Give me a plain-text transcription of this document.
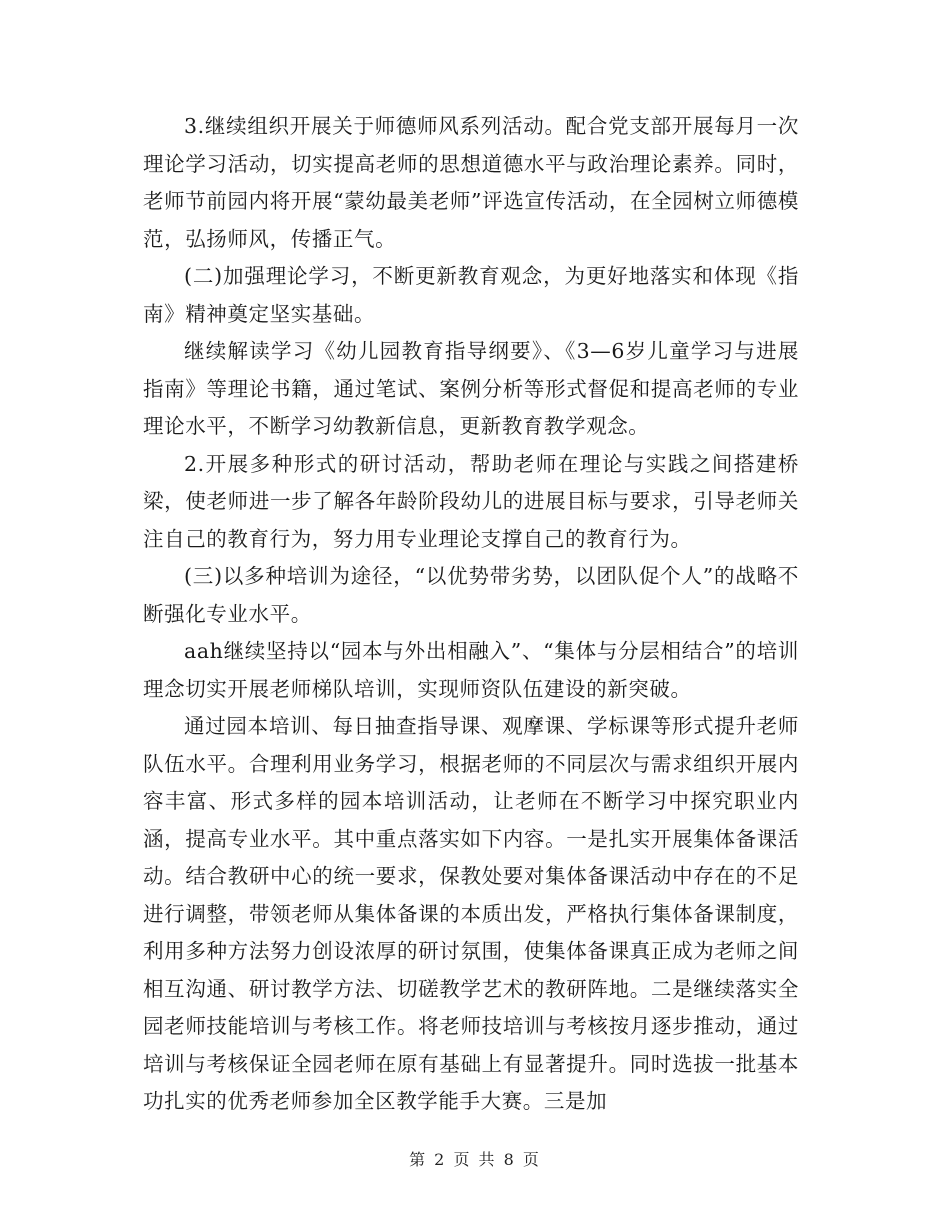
3.继续组织开展关于师德师风系列活动。配合党支部开展每月一次理论学习活动，切实提高老师的思想道德水平与政治理论素养。同时，老师节前园内将开展“蒙幼最美老师”评选宣传活动，在全园树立师德模范，弘扬师风，传播正气。

(二)加强理论学习，不断更新教育观念，为更好地落实和体现《指南》精神奠定坚实基础。

继续解读学习《幼儿园教育指导纲要》、《3—6岁儿童学习与进展指南》等理论书籍，通过笔试、案例分析等形式督促和提高老师的专业理论水平，不断学习幼教新信息，更新教育教学观念。

2.开展多种形式的研讨活动，帮助老师在理论与实践之间搭建桥梁，使老师进一步了解各年龄阶段幼儿的进展目标与要求，引导老师关注自己的教育行为，努力用专业理论支撑自己的教育行为。

(三)以多种培训为途径，“以优势带劣势，以团队促个人”的战略不断强化专业水平。

aah继续坚持以“园本与外出相融入”、“集体与分层相结合”的培训理念切实开展老师梯队培训，实现师资队伍建设的新突破。

通过园本培训、每日抽查指导课、观摩课、学标课等形式提升老师队伍水平。合理利用业务学习，根据老师的不同层次与需求组织开展内容丰富、形式多样的园本培训活动，让老师在不断学习中探究职业内涵，提高专业水平。其中重点落实如下内容。一是扎实开展集体备课活动。结合教研中心的统一要求，保教处要对集体备课活动中存在的不足进行调整，带领老师从集体备课的本质出发，严格执行集体备课制度，利用多种方法努力创设浓厚的研讨氛围，使集体备课真正成为老师之间相互沟通、研讨教学方法、切磋教学艺术的教研阵地。二是继续落实全园老师技能培训与考核工作。将老师技培训与考核按月逐步推动，通过培训与考核保证全园老师在原有基础上有显著提升。同时选拔一批基本功扎实的优秀老师参加全区教学能手大赛。三是加

第 2 页 共 8 页
